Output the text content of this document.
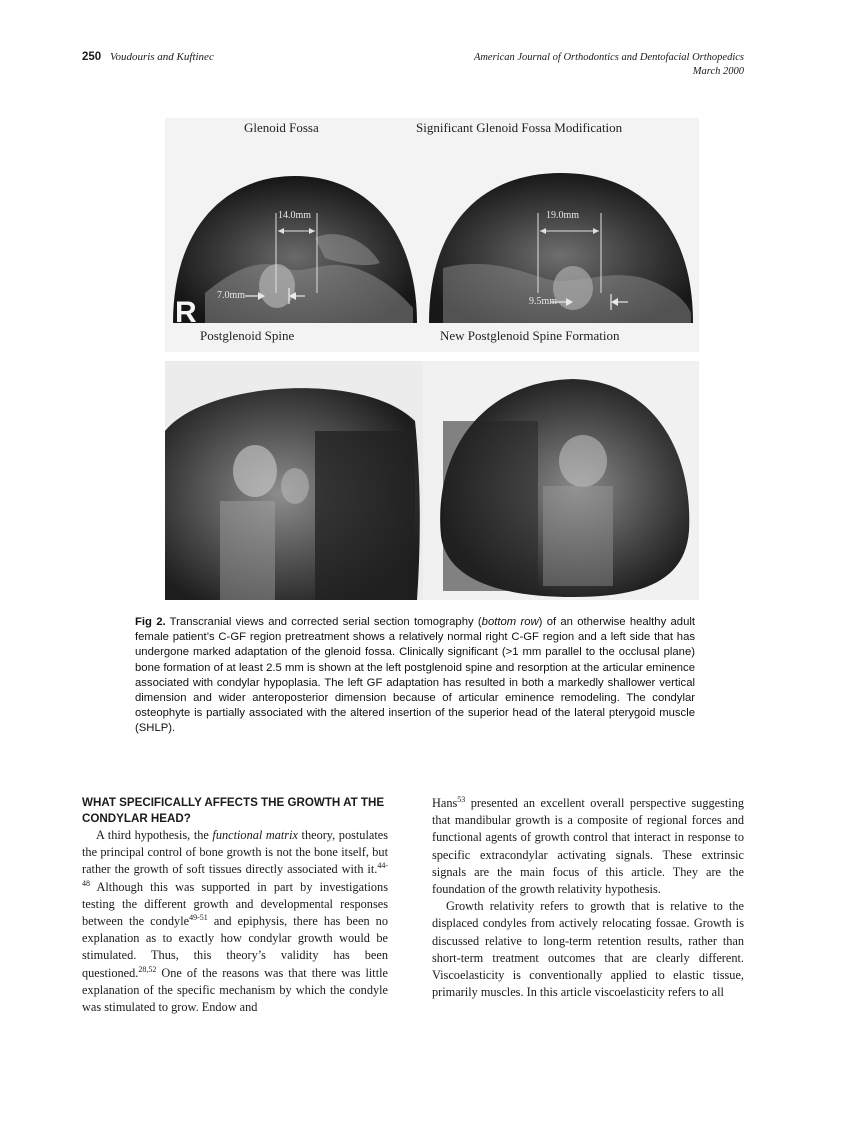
250 Voudouris and Kuftinec	American Journal of Orthodontics and Dentofacial Orthopedics
March 2000
Glenoid Fossa
14.0mm
7.0mm
R
Postglenoid Spine
Significant Glenoid Fossa Modification
19.0mm
9.5mm
New Postglenoid Spine Formation
Fig 2. Transcranial views and corrected serial section tomography (bottom row) of an otherwise healthy adult female patient’s C-GF region pretreatment shows a relatively normal right C-GF region and a left side that has undergone marked adaptation of the glenoid fossa. Clinically significant (>1 mm parallel to the occlusal plane) bone formation of at least 2.5 mm is shown at the left postglenoid spine and resorption at the articular eminence associated with condylar hypoplasia. The left GF adaptation has resulted in both a markedly shallower vertical dimension and wider anteroposterior dimension because of articular eminence remodeling. The condylar osteophyte is partially associated with the altered insertion of the superior head of the lateral pterygoid muscle (SHLP).
WHAT SPECIFICALLY AFFECTS THE GROWTH AT THE CONDYLAR HEAD?

A third hypothesis, the functional matrix theory, postulates the principal control of bone growth is not the bone itself, but rather the growth of soft tissues directly associated with it.$^{44-48}$ Although this was supported in part by investigations testing the different growth and developmental responses between the condyle$^{49-51}$ and epiphysis, there has been no explanation as to exactly how condylar growth would be stimulated. Thus, this theory’s validity has been questioned.$^{28,52}$ One of the reasons was that there was little explanation of the specific mechanism by which the condyle was stimulated to grow. Endow and

Hans$^{53}$ presented an excellent overall perspective suggesting that mandibular growth is a composite of regional forces and functional agents of growth control that interact in response to specific extracondylar activating signals. These extrinsic signals are the main focus of this article. They are the foundation of the growth relativity hypothesis.

Growth relativity refers to growth that is relative to the displaced condyles from actively relocating fossae. Growth is discussed relative to long-term retention results, rather than short-term treatment outcomes that are clearly different. Viscoelasticity is conventionally applied to elastic tissue, primarily muscles. In this article viscoelasticity refers to all
